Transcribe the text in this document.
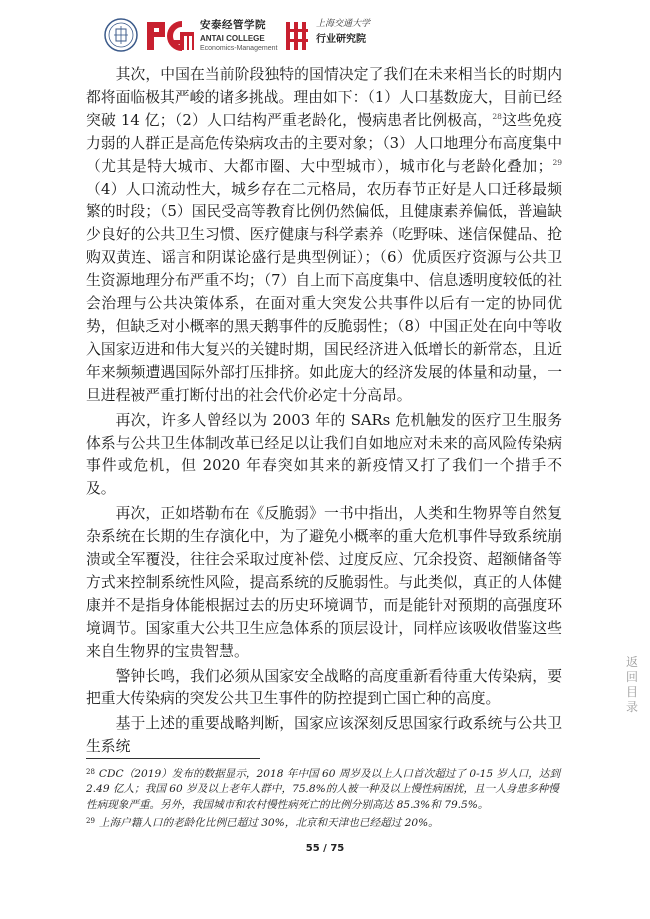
安泰经管学院
ANTAI COLLEGE
Economics-Management
上海交通大学
行业研究院

其次，中国在当前阶段独特的国情决定了我们在未来相当长的时期内都将面临极其严峻的诸多挑战。理由如下：（1）人口基数庞大，目前已经突破 14 亿；（2）人口结构严重老龄化，慢病患者比例极高，$^{28}$这些免疫力弱的人群正是高危传染病攻击的主要对象；（3）人口地理分布高度集中（尤其是特大城市、大都市圈、大中型城市），城市化与老龄化叠加；$^{29}$（4）人口流动性大，城乡存在二元格局，农历春节正好是人口迁移最频繁的时段；（5）国民受高等教育比例仍然偏低，且健康素养偏低，普遍缺少良好的公共卫生习惯、医疗健康与科学素养（吃野味、迷信保健品、抢购双黄连、谣言和阴谋论盛行是典型例证）；（6）优质医疗资源与公共卫生资源地理分布严重不均；（7）自上而下高度集中、信息透明度较低的社会治理与公共决策体系，在面对重大突发公共事件以后有一定的协同优势，但缺乏对小概率的黑天鹅事件的反脆弱性；（8）中国正处在向中等收入国家迈进和伟大复兴的关键时期，国民经济进入低增长的新常态，且近年来频频遭遇国际外部打压排挤。如此庞大的经济发展的体量和动量，一旦进程被严重打断付出的社会代价必定十分高昂。

再次，许多人曾经以为 2003 年的 SARs 危机触发的医疗卫生服务体系与公共卫生体制改革已经足以让我们自如地应对未来的高风险传染病事件或危机，但 2020 年春突如其来的新疫情又打了我们一个措手不及。

再次，正如塔勒布在《反脆弱》一书中指出，人类和生物界等自然复杂系统在长期的生存演化中，为了避免小概率的重大危机事件导致系统崩溃或全军覆没，往往会采取过度补偿、过度反应、冗余投资、超额储备等方式来控制系统性风险，提高系统的反脆弱性。与此类似，真正的人体健康并不是指身体能根据过去的历史环境调节，而是能针对预期的高强度环境调节。国家重大公共卫生应急体系的顶层设计，同样应该吸收借鉴这些来自生物界的宝贵智慧。

警钟长鸣，我们必须从国家安全战略的高度重新看待重大传染病，要把重大传染病的突发公共卫生事件的防控提到亡国亡种的高度。

基于上述的重要战略判断，国家应该深刻反思国家行政系统与公共卫生系统

$^{28}$ CDC（2019）发布的数据显示，2018 年中国 60 周岁及以上人口首次超过了 0-15 岁人口，达到 2.49 亿人；我国 60 岁及以上老年人群中，75.8%的人被一种及以上慢性病困扰，且一人身患多种慢性病现象严重。另外，我国城市和农村慢性病死亡的比例分别高达 85.3%和 79.5%。

$^{29}$ 上海户籍人口的老龄化比例已超过 30%，北京和天津也已经超过 20%。

55 / 75
返
回
目
录
